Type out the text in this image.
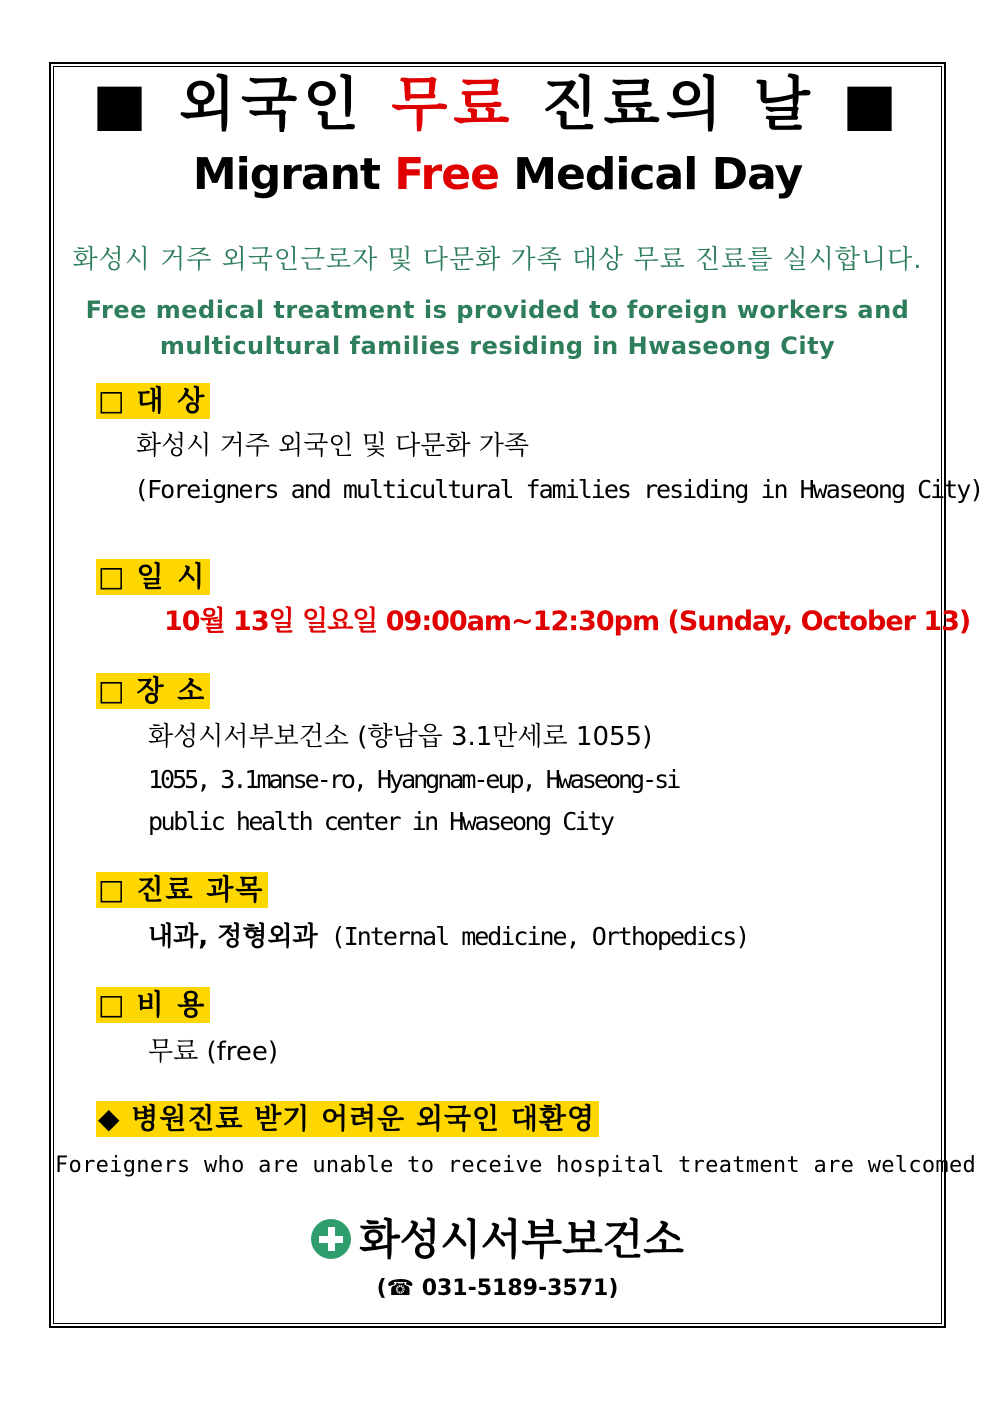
■ 외국인 무료 진료의 날 ■
Migrant Free Medical Day
화성시 거주 외국인근로자 및 다문화 가족 대상 무료 진료를 실시합니다.
Free medical treatment is provided to foreign workers and
multicultural families residing in Hwaseong City
□ 대 상
화성시 거주 외국인 및 다문화 가족
(Foreigners and multicultural families residing in Hwaseong City)
□ 일 시
10월 13일 일요일 09:00am~12:30pm (Sunday, October 13)
□ 장 소
화성시서부보건소 (향남읍 3.1만세로 1055)
1055, 3.1manse-ro, Hyangnam-eup, Hwaseong-si
public health center in Hwaseong City
□ 진료 과목
내과, 정형외과 (Internal medicine, Orthopedics)
□ 비 용
무료 (free)
◆ 병원진료 받기 어려운 외국인 대환영
Foreigners who are unable to receive hospital treatment are welcomed
화성시서부보건소
(☎ 031-5189-3571)
